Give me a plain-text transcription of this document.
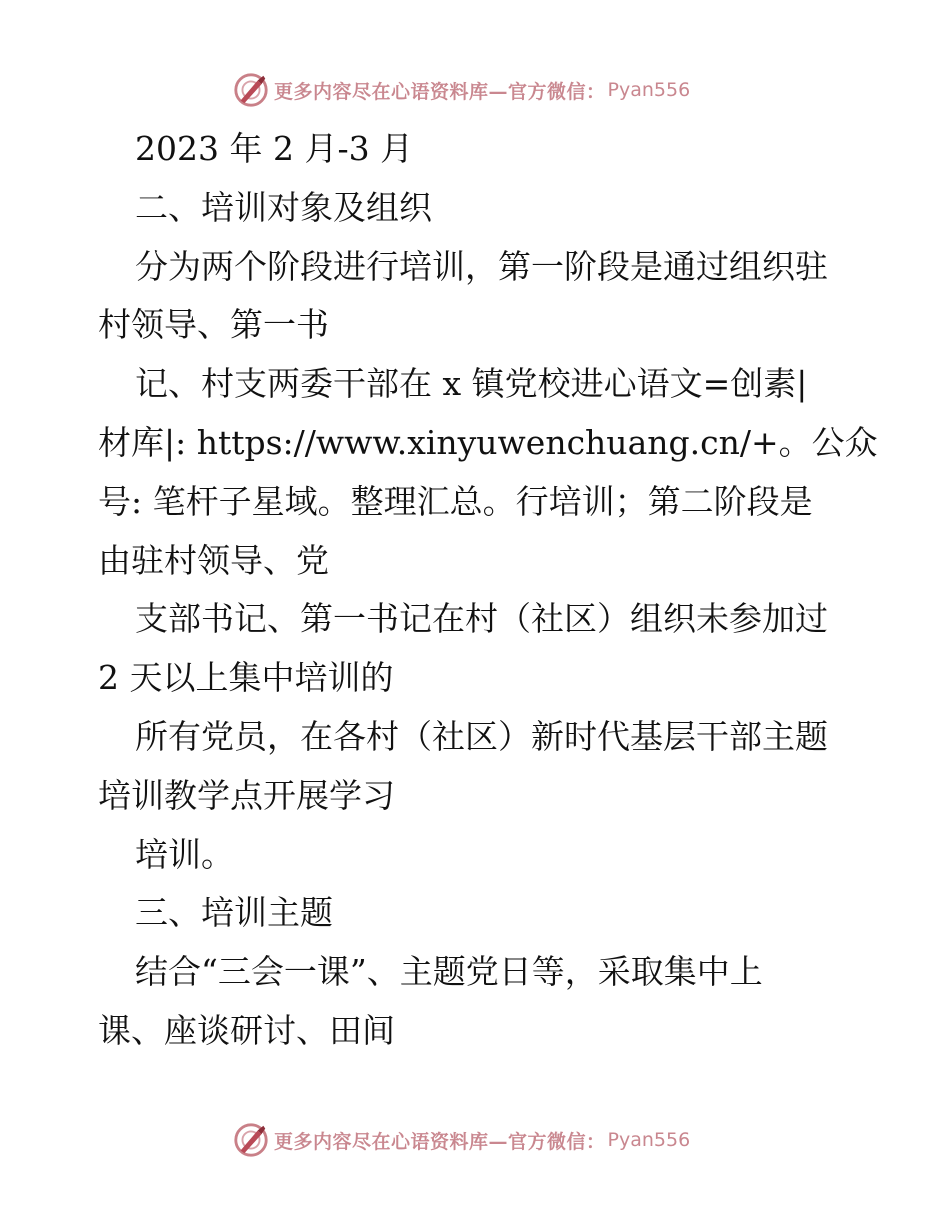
更多内容尽在心语资料库—官方微信： Pyan556
2023 年 2 月-3 月
二、培训对象及组织
分为两个阶段进行培训，第一阶段是通过组织驻
村领导、第一书
记、村支两委干部在 x 镇党校进心语文=创素|
材库|: https://www.xinyuwenchuang.cn/+。公众
号: 笔杆子星域。整理汇总。行培训；第二阶段是
由驻村领导、党
支部书记、第一书记在村（社区）组织未参加过
2 天以上集中培训的
所有党员，在各村（社区）新时代基层干部主题
培训教学点开展学习
培训。
三、培训主题
结合“三会一课”、主题党日等，采取集中上
课、座谈研讨、田间
更多内容尽在心语资料库—官方微信： Pyan556
